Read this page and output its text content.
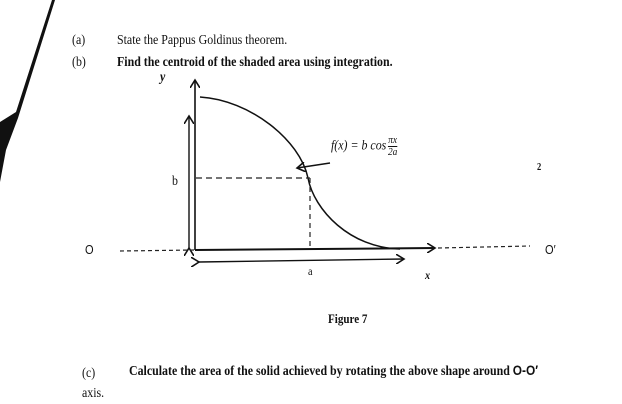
(a) State the Pappus Goldinus theorem.
(b) Find the centroid of the shaded area using integration.
y
b
f(x) = b $\cos \frac{\pi x}{2a}$
2
O	O′
a	x
Figure 7
(c) Calculate the area of the solid achieved by rotating the above shape around O-O′
axis.
